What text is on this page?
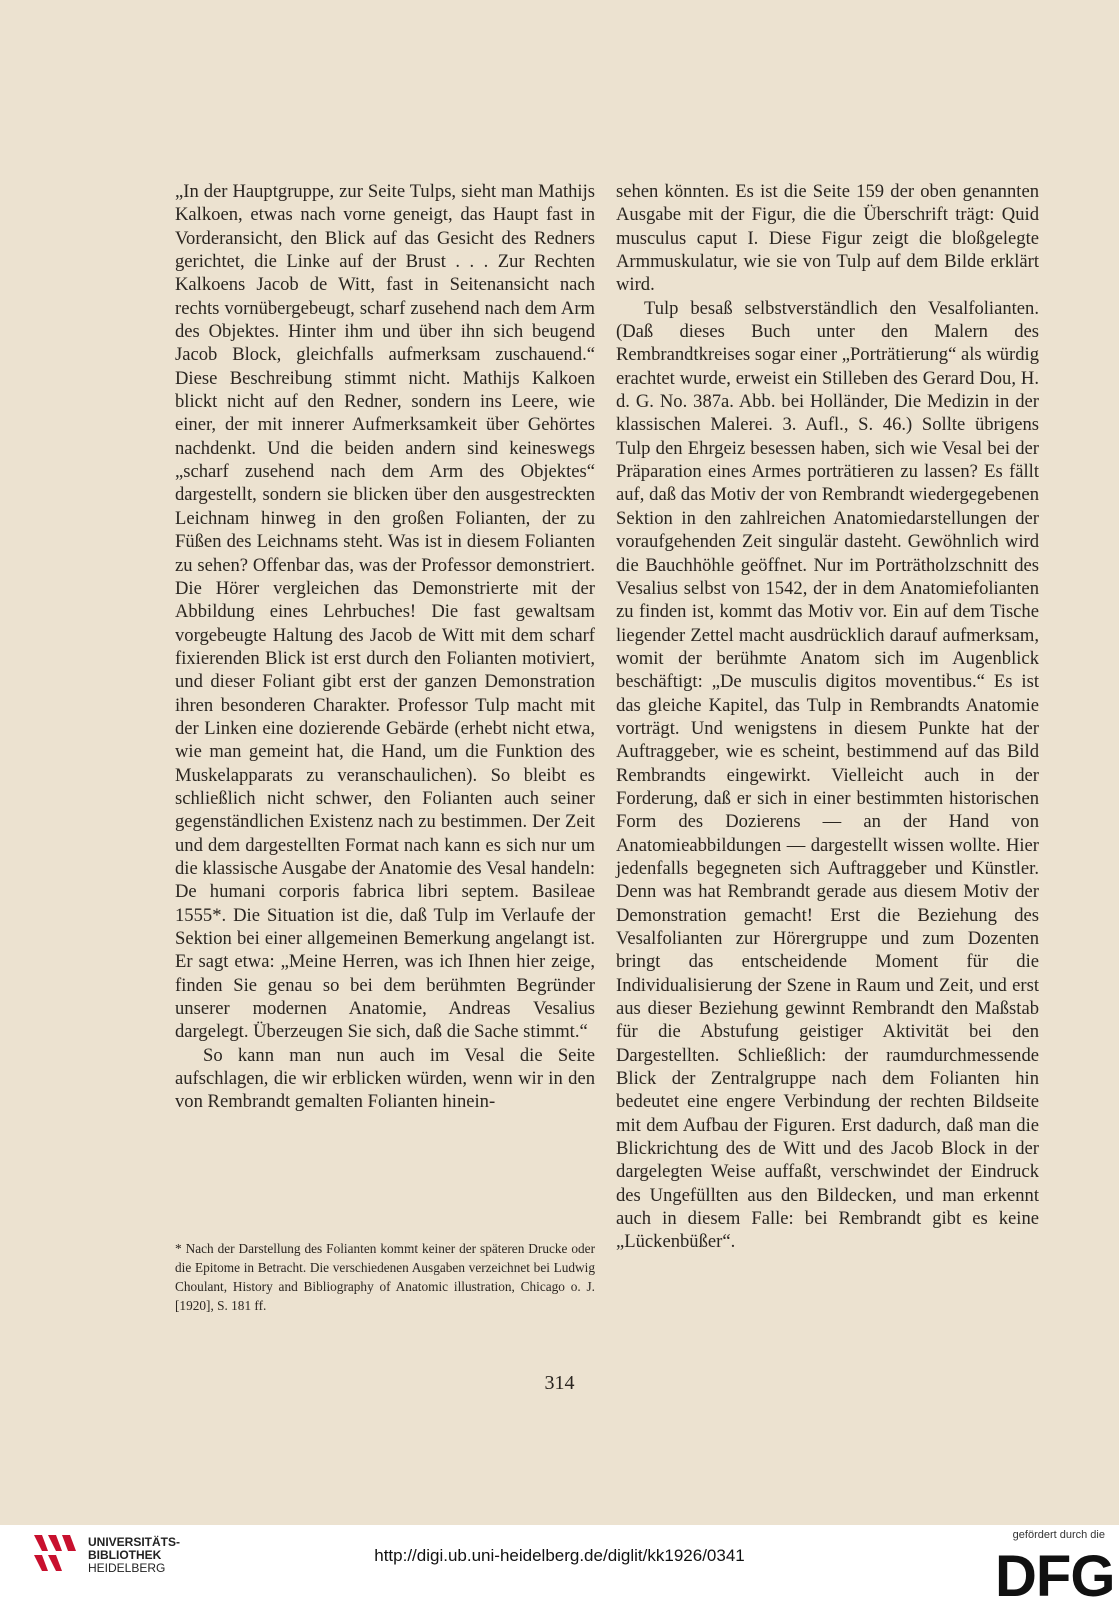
„In der Hauptgruppe, zur Seite Tulps, sieht man Mathijs Kalkoen, etwas nach vorne geneigt, das Haupt fast in Vorderansicht, den Blick auf das Gesicht des Redners gerichtet, die Linke auf der Brust . . . Zur Rechten Kalkoens Jacob de Witt, fast in Seitenansicht nach rechts vornübergebeugt, scharf zusehend nach dem Arm des Objektes. Hinter ihm und über ihn sich beugend Jacob Block, gleichfalls aufmerksam zuschauend.“ Diese Beschreibung stimmt nicht. Mathijs Kalkoen blickt nicht auf den Redner, sondern ins Leere, wie einer, der mit innerer Aufmerksamkeit über Gehörtes nachdenkt. Und die beiden andern sind keineswegs „scharf zusehend nach dem Arm des Objektes“ dargestellt, sondern sie blicken über den ausgestreckten Leichnam hinweg in den großen Folianten, der zu Füßen des Leichnams steht. Was ist in diesem Folianten zu sehen? Offenbar das, was der Professor demonstriert. Die Hörer vergleichen das Demonstrierte mit der Abbildung eines Lehrbuches! Die fast gewaltsam vorgebeugte Haltung des Jacob de Witt mit dem scharf fixierenden Blick ist erst durch den Folianten motiviert, und dieser Foliant gibt erst der ganzen Demonstration ihren besonderen Charakter. Professor Tulp macht mit der Linken eine dozierende Gebärde (erhebt nicht etwa, wie man gemeint hat, die Hand, um die Funktion des Muskelapparats zu veranschaulichen). So bleibt es schließlich nicht schwer, den Folianten auch seiner gegenständlichen Existenz nach zu bestimmen. Der Zeit und dem dargestellten Format nach kann es sich nur um die klassische Ausgabe der Anatomie des Vesal handeln: De humani corporis fabrica libri septem. Basileae 1555*. Die Situation ist die, daß Tulp im Verlaufe der Sektion bei einer allgemeinen Bemerkung angelangt ist. Er sagt etwa: „Meine Herren, was ich Ihnen hier zeige, finden Sie genau so bei dem berühmten Begründer unserer modernen Anatomie, Andreas Vesalius dargelegt. Überzeugen Sie sich, daß die Sache stimmt.“

So kann man nun auch im Vesal die Seite aufschlagen, die wir erblicken würden, wenn wir in den von Rembrandt gemalten Folianten hinein-

sehen könnten. Es ist die Seite 159 der oben genannten Ausgabe mit der Figur, die die Überschrift trägt: Quid musculus caput I. Diese Figur zeigt die bloßgelegte Armmuskulatur, wie sie von Tulp auf dem Bilde erklärt wird.

Tulp besaß selbstverständlich den Vesalfolianten. (Daß dieses Buch unter den Malern des Rembrandtkreises sogar einer „Porträtierung“ als würdig erachtet wurde, erweist ein Stilleben des Gerard Dou, H. d. G. No. 387a. Abb. bei Holländer, Die Medizin in der klassischen Malerei. 3. Aufl., S. 46.) Sollte übrigens Tulp den Ehrgeiz besessen haben, sich wie Vesal bei der Präparation eines Armes porträtieren zu lassen? Es fällt auf, daß das Motiv der von Rembrandt wiedergegebenen Sektion in den zahlreichen Anatomiedarstellungen der voraufgehenden Zeit singulär dasteht. Gewöhnlich wird die Bauchhöhle geöffnet. Nur im Porträtholzschnitt des Vesalius selbst von 1542, der in dem Anatomiefolianten zu finden ist, kommt das Motiv vor. Ein auf dem Tische liegender Zettel macht ausdrücklich darauf aufmerksam, womit der berühmte Anatom sich im Augenblick beschäftigt: „De musculis digitos moventibus.“ Es ist das gleiche Kapitel, das Tulp in Rembrandts Anatomie vorträgt. Und wenigstens in diesem Punkte hat der Auftraggeber, wie es scheint, bestimmend auf das Bild Rembrandts eingewirkt. Vielleicht auch in der Forderung, daß er sich in einer bestimmten historischen Form des Dozierens — an der Hand von Anatomieabbildungen — dargestellt wissen wollte. Hier jedenfalls begegneten sich Auftraggeber und Künstler. Denn was hat Rembrandt gerade aus diesem Motiv der Demonstration gemacht! Erst die Beziehung des Vesalfolianten zur Hörergruppe und zum Dozenten bringt das entscheidende Moment für die Individualisierung der Szene in Raum und Zeit, und erst aus dieser Beziehung gewinnt Rembrandt den Maßstab für die Abstufung geistiger Aktivität bei den Dargestellten. Schließlich: der raumdurchmessende Blick der Zentralgruppe nach dem Folianten hin bedeutet eine engere Verbindung der rechten Bildseite mit dem Aufbau der Figuren. Erst dadurch, daß man die Blickrichtung des de Witt und des Jacob Block in der dargelegten Weise auffaßt, verschwindet der Eindruck des Ungefüllten aus den Bildecken, und man erkennt auch in diesem Falle: bei Rembrandt gibt es keine „Lückenbüßer“.

* Nach der Darstellung des Folianten kommt keiner der späteren Drucke oder die Epitome in Betracht. Die verschiedenen Ausgaben verzeichnet bei Ludwig Choulant, History and Bibliography of Anatomic illustration, Chicago o. J. [1920], S. 181 ff.
314
UNIVERSITÄTS-
BIBLIOTHEK
HEIDELBERG
http://digi.ub.uni-heidelberg.de/diglit/kk1926/0341
gefördert durch die
DFG
